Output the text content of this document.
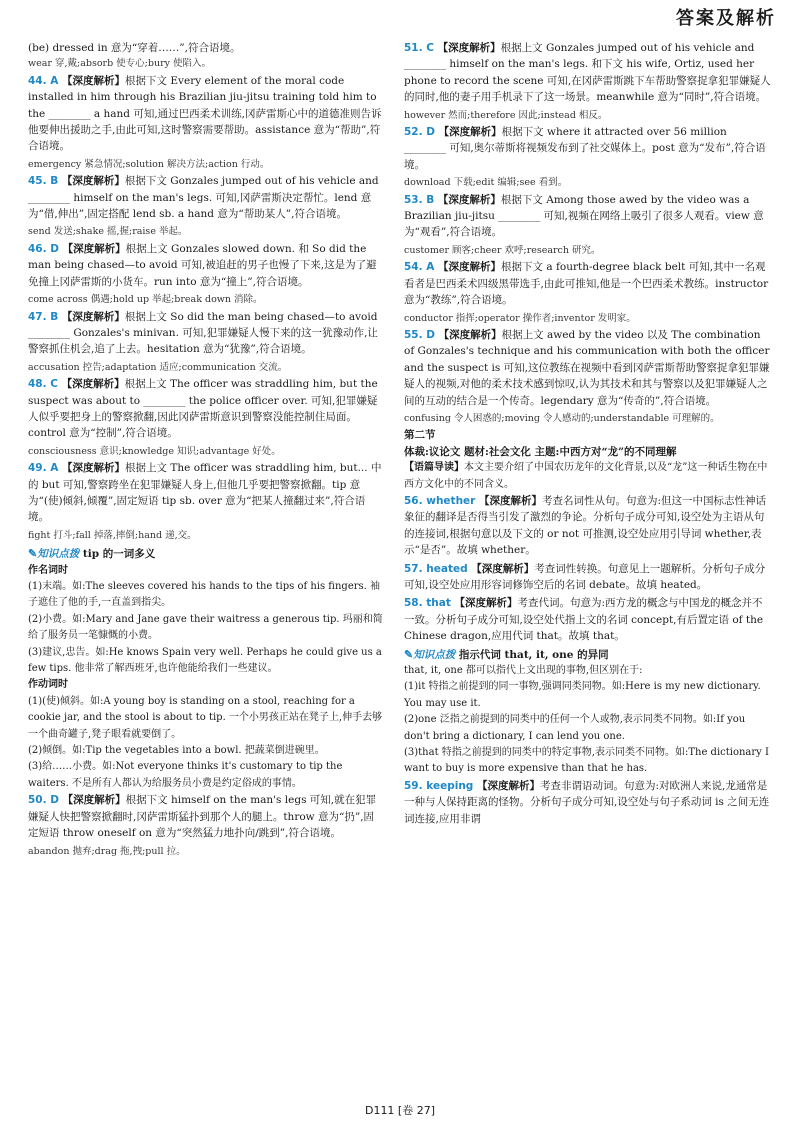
答案及解析
(be) dressed in 意为“穿着……”,符合语境。
wear 穿,戴;absorb 使专心;bury 使陷入。
44. A 【深度解析】根据下文 Every element of the moral code installed in him through his Brazilian jiu-jitsu training told him to the ________ a hand 可知,通过巴西柔术训练,冈萨雷斯心中的道德准则告诉他要伸出援助之手,由此可知,这时警察需要帮助。assistance 意为“帮助”,符合语境。
emergency 紧急情况;solution 解决方法;action 行动。
45. B 【深度解析】根据下文 Gonzales jumped out of his vehicle and ________ himself on the man's legs. 可知,冈萨雷斯决定帮忙。lend 意为“借,伸出”,固定搭配 lend sb. a hand 意为“帮助某人”,符合语境。
send 发送;shake 摇,握;raise 举起。
46. D 【深度解析】根据上文 Gonzales slowed down. 和 So did the man being chased—to avoid 可知,被追赶的男子也慢了下来,这是为了避免撞上冈萨雷斯的小货车。run into 意为“撞上”,符合语境。
come across 偶遇;hold up 举起;break down 消除。
47. B 【深度解析】根据上文 So did the man being chased—to avoid ________ Gonzales's minivan. 可知,犯罪嫌疑人慢下来的这一犹豫动作,让警察抓住机会,追了上去。hesitation 意为“犹豫”,符合语境。
accusation 控告;adaptation 适应;communication 交流。
48. C 【深度解析】根据上文 The officer was straddling him, but the suspect was about to ________ the police officer over. 可知,犯罪嫌疑人似乎要把身上的警察掀翻,因此冈萨雷斯意识到警察没能控制住局面。control 意为“控制”,符合语境。
consciousness 意识;knowledge 知识;advantage 好处。
49. A 【深度解析】根据上文 The officer was straddling him, but... 中的 but 可知,警察跨坐在犯罪嫌疑人身上,但他几乎要把警察掀翻。tip 意为“(使)倾斜,倾覆”,固定短语 tip sb. over 意为“把某人撞翻过来”,符合语境。
fight 打斗;fall 掉落,摔倒;hand 递,交。
✎知识点拨 tip 的一词多义
作名词时
(1)末端。如:The sleeves covered his hands to the tips of his fingers. 袖子遮住了他的手,一直盖到指尖。
(2)小费。如:Mary and Jane gave their waitress a generous tip. 玛丽和简给了服务员一笔慷慨的小费。
(3)建议,忠告。如:He knows Spain very well. Perhaps he could give us a few tips. 他非常了解西班牙,也许他能给我们一些建议。
作动词时
(1)(使)倾斜。如:A young boy is standing on a stool, reaching for a cookie jar, and the stool is about to tip. 一个小男孩正站在凳子上,伸手去够一个曲奇罐子,凳子眼看就要倒了。
(2)倾倒。如:Tip the vegetables into a bowl. 把蔬菜倒进碗里。
(3)给……小费。如:Not everyone thinks it's customary to tip the waiters. 不是所有人都认为给服务员小费是约定俗成的事情。
50. D 【深度解析】根据下文 himself on the man's legs 可知,就在犯罪嫌疑人快把警察掀翻时,冈萨雷斯猛扑到那个人的腿上。throw 意为“扔”,固定短语 throw oneself on 意为“突然猛力地扑向/跳到”,符合语境。
abandon 抛弃;drag 拖,拽;pull 拉。
51. C 【深度解析】根据上文 Gonzales jumped out of his vehicle and ________ himself on the man's legs. 和下文 his wife, Ortiz, used her phone to record the scene 可知,在冈萨雷斯跳下车帮助警察捉拿犯罪嫌疑人的同时,他的妻子用手机录下了这一场景。meanwhile 意为“同时”,符合语境。
however 然而;therefore 因此;instead 相反。
52. D 【深度解析】根据下文 where it attracted over 56 million ________ 可知,奥尔蒂斯将视频发布到了社交媒体上。post 意为“发布”,符合语境。
download 下载;edit 编辑;see 看到。
53. B 【深度解析】根据下文 Among those awed by the video was a Brazilian jiu-jitsu ________ 可知,视频在网络上吸引了很多人观看。view 意为“观看”,符合语境。
customer 顾客;cheer 欢呼;research 研究。
54. A 【深度解析】根据下文 a fourth-degree black belt 可知,其中一名观看者是巴西柔术四级黑带选手,由此可推知,他是一个巴西柔术教练。instructor 意为“教练”,符合语境。
conductor 指挥;operator 操作者;inventor 发明家。
55. D 【深度解析】根据上文 awed by the video 以及 The combination of Gonzales's technique and his communication with both the officer and the suspect is 可知,这位教练在视频中看到冈萨雷斯帮助警察捉拿犯罪嫌疑人的视频,对他的柔术技术感到惊叹,认为其技术和其与警察以及犯罪嫌疑人之间的互动的结合是一个传奇。legendary 意为“传奇的”,符合语境。
confusing 令人困惑的;moving 令人感动的;understandable 可理解的。
第二节
体裁:议论文 题材:社会文化 主题:中西方对“龙”的不同理解
【语篇导读】本文主要介绍了中国农历龙年的文化背景,以及“龙”这一种话生物在中西方文化中的不同含义。
56. whether 【深度解析】考查名词性从句。句意为:但这一中国标志性神话象征的翻译是否得当引发了激烈的争论。分析句子成分可知,设空处为主语从句的连接词,根据句意以及下文的 or not 可推测,设空处应用引导词 whether,表示“是否”。故填 whether。
57. heated 【深度解析】考查词性转换。句意见上一题解析。分析句子成分可知,设空处应用形容词修饰空后的名词 debate。故填 heated。
58. that 【深度解析】考查代词。句意为:西方龙的概念与中国龙的概念并不一致。分析句子成分可知,设空处代指上文的名词 concept,有后置定语 of the Chinese dragon,应用代词 that。故填 that。
✎知识点拨 指示代词 that, it, one 的异同
that, it, one 都可以指代上文出现的事物,但区别在于:
(1)it 特指之前提到的同一事物,强调同类同物。如:Here is my new dictionary. You may use it.
(2)one 泛指之前提到的同类中的任何一个人或物,表示同类不同物。如:If you don't bring a dictionary, I can lend you one.
(3)that 特指之前提到的同类中的特定事物,表示同类不同物。如:The dictionary I want to buy is more expensive than that he has.
59. keeping 【深度解析】考查非谓语动词。句意为:对欧洲人来说,龙通常是一种与人保持距离的怪物。分析句子成分可知,设空处与句子系动词 is 之间无连词连接,应用非谓
D111 [卷 27]
